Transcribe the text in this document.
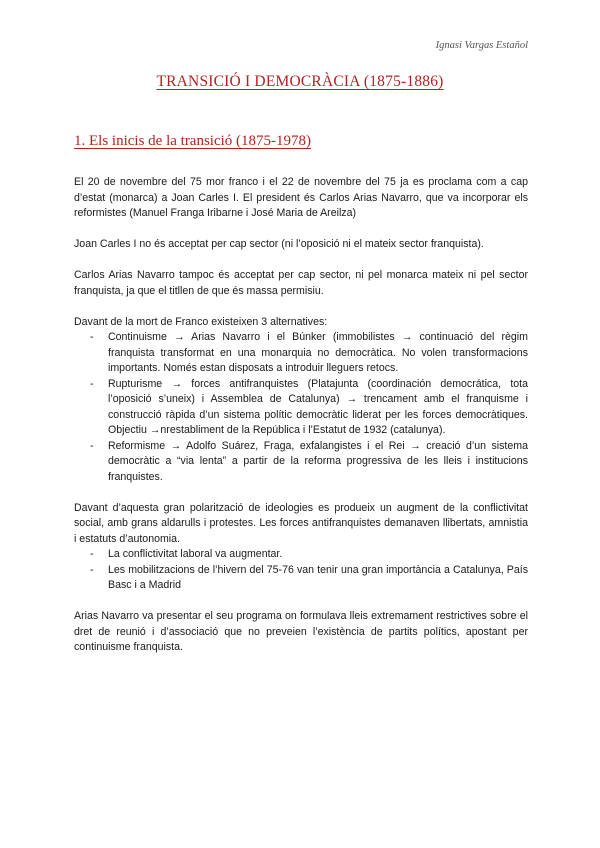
Ignasi Vargas Estañol
TRANSICIÓ I DEMOCRÀCIA (1875-1886)
1. Els inicis de la transició (1875-1978)

El 20 de novembre del 75 mor franco i el 22 de novembre del 75 ja es proclama com a cap d’estat (monarca) a Joan Carles I. El president és Carlos Arias Navarro, que va incorporar els reformistes (Manuel Franga Iribarne i José Maria de Areilza)

Joan Carles I no és acceptat per cap sector (ni l’oposició ni el mateix sector franquista).

Carlos Arias Navarro tampoc és acceptat per cap sector, ni pel monarca mateix ni pel sector franquista, ja que el titllen de que és massa permisiu.

Davant de la mort de Franco existeixen 3 alternatives:

- Continuisme → Arias Navarro i el Búnker (immobilistes → continuació del règim franquista transformat en una monarquia no democràtica. No volen transformacions importants. Només estan disposats a introduir lleguers retocs.
- Rupturisme → forces antifranquistes (Platajunta (coordinación democrática, tota l’oposició s’uneix) i Assemblea de Catalunya) → trencament amb el franquisme i construcció ràpida d’un sistema polític democràtic liderat per les forces democràtiques. Objectiu →nrestabliment de la República i l’Estatut de 1932 (catalunya).
- Reformisme → Adolfo Suárez, Fraga, exfalangistes i el Rei → creació d’un sistema democràtic a “via lenta” a partir de la reforma progressiva de les lleis i institucions franquistes.

Davant d’aquesta gran polarització de ideologies es produeix un augment de la conflictivitat social, amb grans aldarulls i protestes. Les forces antifranquistes demanaven llibertats, amnistia i estatuts d’autonomia.

- La conflictivitat laboral va augmentar.
- Les mobilitzacions de l’hivern del 75-76 van tenir una gran importància a Catalunya, País Basc i a Madrid

Arias Navarro va presentar el seu programa on formulava lleis extremament restrictives sobre el dret de reunió i d’associació que no preveien l’existència de partits polítics, apostant per continuisme franquista.
